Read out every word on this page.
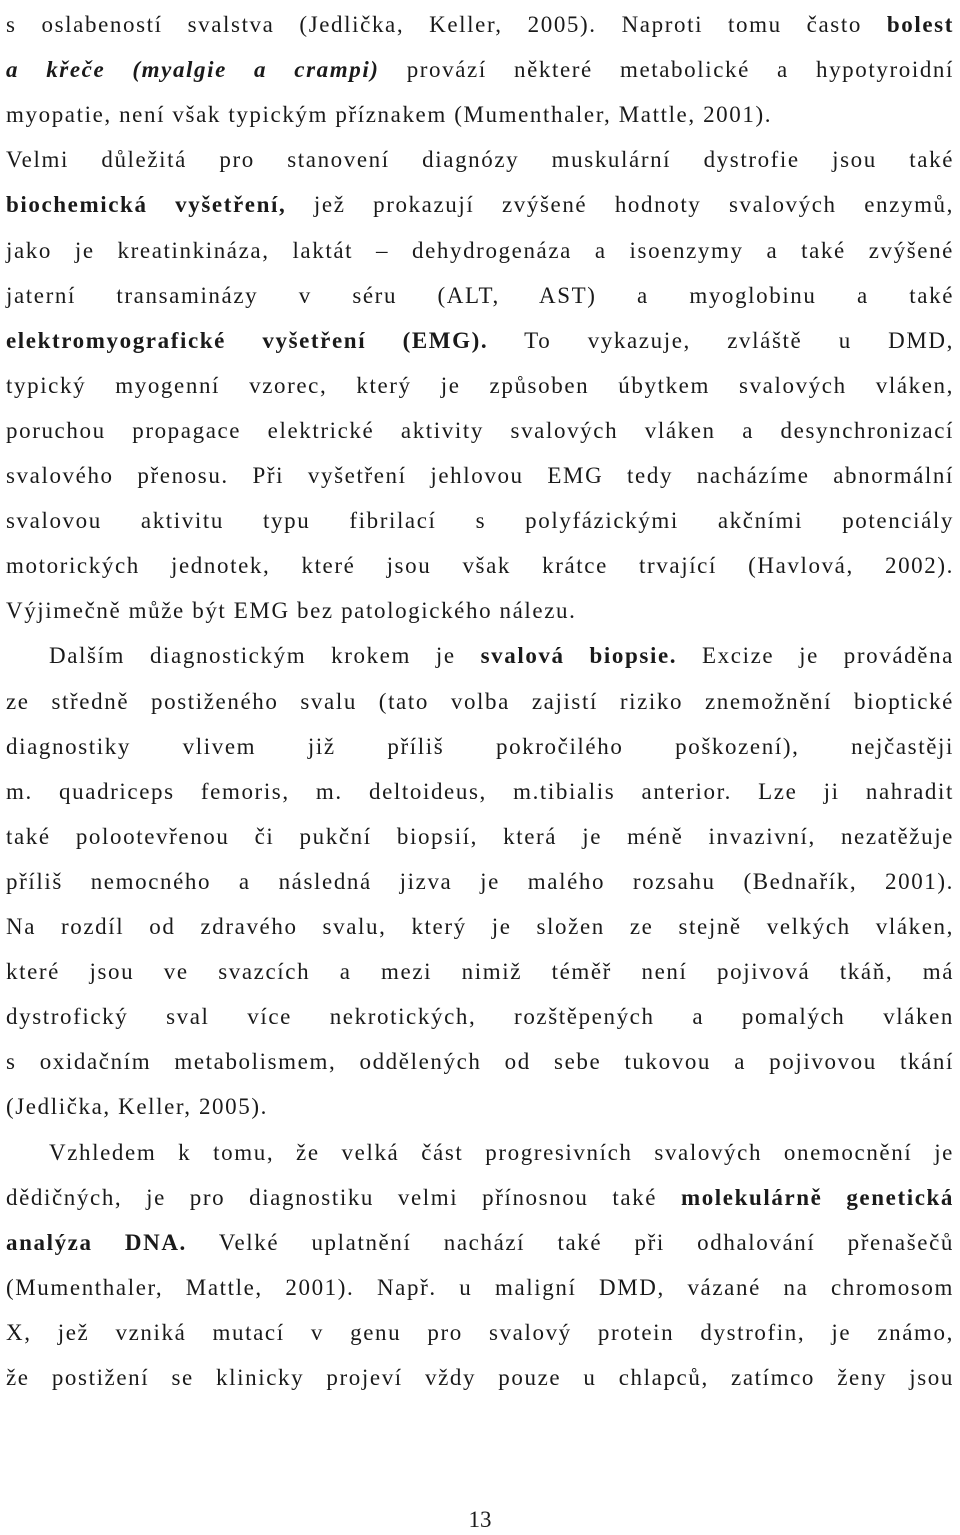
s oslabeností svalstva (Jedlička, Keller, 2005). Naproti tomu často bolest
a křeče (myalgie a crampi) provází některé metabolické a hypotyroidní
myopatie, není však typickým příznakem (Mumenthaler, Mattle, 2001).
Velmi důležitá pro stanovení diagnózy muskulární dystrofie jsou také
biochemická vyšetření, jež prokazují zvýšené hodnoty svalových enzymů,
jako je kreatinkináza, laktát – dehydrogenáza a isoenzymy a také zvýšené
jaterní transaminázy v séru (ALT, AST) a myoglobinu a také
elektromyografické vyšetření (EMG). To vykazuje, zvláště u DMD,
typický myogenní vzorec, který je způsoben úbytkem svalových vláken,
poruchou propagace elektrické aktivity svalových vláken a desynchronizací
svalového přenosu. Při vyšetření jehlovou EMG tedy nacházíme abnormální
svalovou aktivitu typu fibrilací s polyfázickými akčními potenciály
motorických jednotek, které jsou však krátce trvající (Havlová, 2002).
Výjimečně může být EMG bez patologického nálezu.
Dalším diagnostickým krokem je svalová biopsie. Excize je prováděna
ze středně postiženého svalu (tato volba zajistí riziko znemožnění bioptické
diagnostiky vlivem již příliš pokročilého poškození), nejčastěji
m. quadriceps femoris, m. deltoideus, m.tibialis anterior. Lze ji nahradit
také polootevřenou či pukční biopsií, která je méně invazivní, nezatěžuje
příliš nemocného a následná jizva je malého rozsahu (Bednařík, 2001).
Na rozdíl od zdravého svalu, který je složen ze stejně velkých vláken,
které jsou ve svazcích a mezi nimiž téměř není pojivová tkáň, má
dystrofický sval více nekrotických, rozštěpených a pomalých vláken
s oxidačním metabolismem, oddělených od sebe tukovou a pojivovou tkání
(Jedlička, Keller, 2005).
Vzhledem k tomu, že velká část progresivních svalových onemocnění je
dědičných, je pro diagnostiku velmi přínosnou také molekulárně genetická
analýza DNA. Velké uplatnění nachází také při odhalování přenašečů
(Mumenthaler, Mattle, 2001). Např. u maligní DMD, vázané na chromosom
X, jež vzniká mutací v genu pro svalový protein dystrofin, je známo,
že postižení se klinicky projeví vždy pouze u chlapců, zatímco ženy jsou
13
